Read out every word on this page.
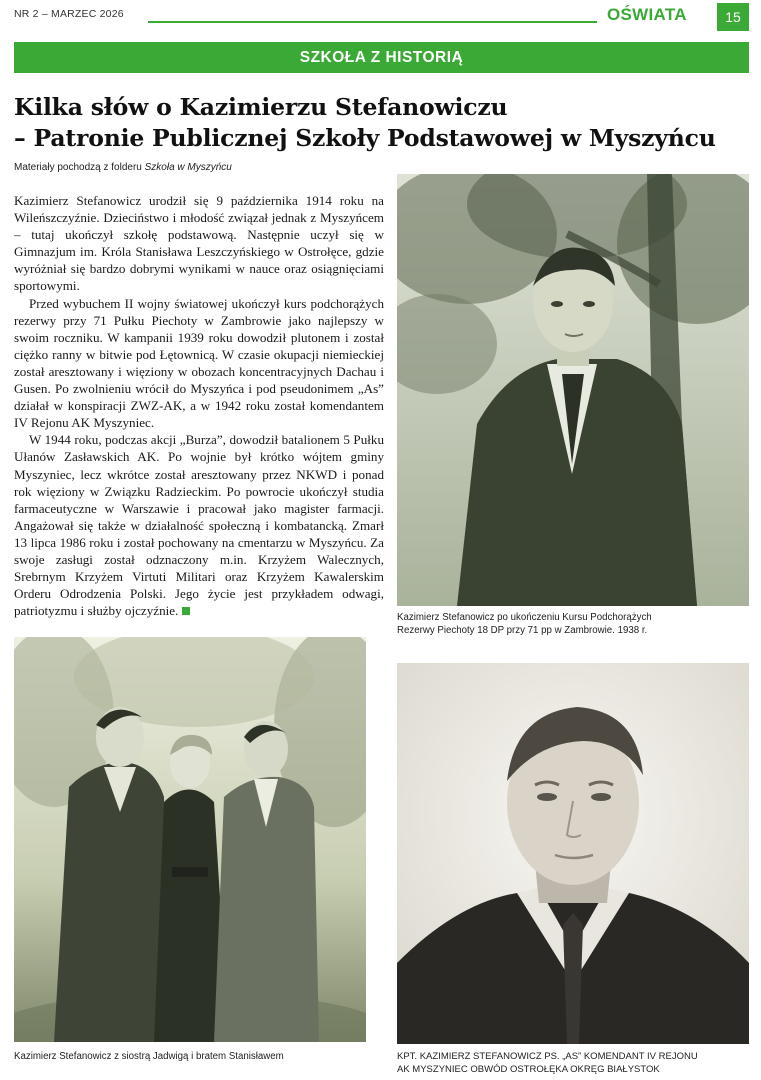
NR 2 – MARZEC 2026	OŚWIATA	15
SZKOŁA Z HISTORIĄ
Kilka słów o Kazimierzu Stefanowiczu
– Patronie Publicznej Szkoły Podstawowej w Myszyńcu
Materiały pochodzą z folderu Szkoła w Myszyńcu

Kazimierz Stefanowicz urodził się 9 października 1914 roku na Wileńszczyźnie. Dzieciństwo i młodość związał jednak z Myszyńcem – tutaj ukończył szkołę podstawową. Następnie uczył się w Gimnazjum im. Króla Stanisława Leszczyńskiego w Ostrołęce, gdzie wyróżniał się bardzo dobrymi wynikami w nauce oraz osiągnięciami sportowymi.

Przed wybuchem II wojny światowej ukończył kurs podchorążych rezerwy przy 71 Pułku Piechoty w Zambrowie jako najlepszy w swoim roczniku. W kampanii 1939 roku dowodził plutonem i został ciężko ranny w bitwie pod Łętownicą. W czasie okupacji niemieckiej został aresztowany i więziony w obozach koncentracyjnych Dachau i Gusen. Po zwolnieniu wrócił do Myszyńca i pod pseudonimem „As” działał w konspiracji ZWZ-AK, a w 1942 roku został komendantem IV Rejonu AK Myszyniec.

W 1944 roku, podczas akcji „Burza”, dowodził batalionem 5 Pułku Ułanów Zasławskich AK. Po wojnie był krótko wójtem gminy Myszyniec, lecz wkrótce został aresztowany przez NKWD i ponad rok więziony w Związku Radzieckim. Po powrocie ukończył studia farmaceutyczne w Warszawie i pracował jako magister farmacji. Angażował się także w działalność społeczną i kombatancką. Zmarł 13 lipca 1986 roku i został pochowany na cmentarzu w Myszyńcu. Za swoje zasługi został odznaczony m.in. Krzyżem Walecznych, Srebrnym Krzyżem Virtuti Militari oraz Krzyżem Kawalerskim Orderu Odrodzenia Polski. Jego życie jest przykładem odwagi, patriotyzmu i służby ojczyźnie.	Kazimierz Stefanowicz po ukończeniu Kursu Podchorążych
Rezerwy Piechoty 18 DP przy 71 pp w Zambrowie. 1938 r.
Kazimierz Stefanowicz z siostrą Jadwigą i bratem Stanisławem	KPT. KAZIMIERZ STEFANOWICZ PS. „AS” KOMENDANT IV REJONU
AK MYSZYNIEC OBWÓD OSTROŁĘKA OKRĘG BIAŁYSTOK
